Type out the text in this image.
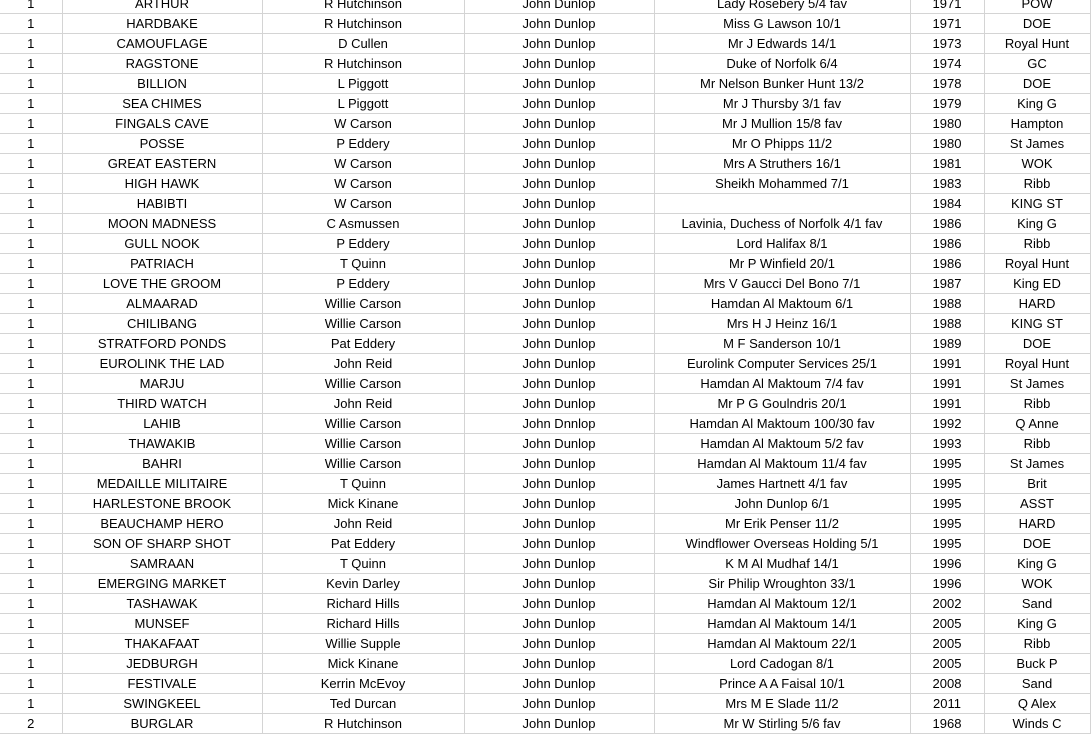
1	ARTHUR	R Hutchinson	John Dunlop	Lady Rosebery 5/4 fav	1971	POW
1	HARDBAKE	R Hutchinson	John Dunlop	Miss G Lawson 10/1	1971	DOE
1	CAMOUFLAGE	D Cullen	John Dunlop	Mr J Edwards 14/1	1973	Royal Hunt
1	RAGSTONE	R Hutchinson	John Dunlop	Duke of Norfolk 6/4	1974	GC
1	BILLION	L Piggott	John Dunlop	Mr Nelson Bunker Hunt 13/2	1978	DOE
1	SEA CHIMES	L Piggott	John Dunlop	Mr J Thursby 3/1 fav	1979	King G
1	FINGALS CAVE	W Carson	John Dunlop	Mr J Mullion 15/8 fav	1980	Hampton
1	POSSE	P Eddery	John Dunlop	Mr O Phipps 11/2	1980	St James
1	GREAT EASTERN	W Carson	John Dunlop	Mrs A Struthers 16/1	1981	WOK
1	HIGH HAWK	W Carson	John Dunlop	Sheikh Mohammed 7/1	1983	Ribb
1	HABIBTI	W Carson	John Dunlop		1984	KING ST
1	MOON MADNESS	C Asmussen	John Dunlop	Lavinia, Duchess of Norfolk 4/1 fav	1986	King G
1	GULL NOOK	P Eddery	John Dunlop	Lord Halifax 8/1	1986	Ribb
1	PATRIACH	T Quinn	John Dunlop	Mr P Winfield 20/1	1986	Royal Hunt
1	LOVE THE GROOM	P Eddery	John Dunlop	Mrs V Gaucci Del Bono 7/1	1987	King ED
1	ALMAARAD	Willie Carson	John Dunlop	Hamdan Al Maktoum 6/1	1988	HARD
1	CHILIBANG	Willie Carson	John Dunlop	Mrs H J Heinz 16/1	1988	KING ST
1	STRATFORD PONDS	Pat Eddery	John Dunlop	M F Sanderson 10/1	1989	DOE
1	EUROLINK THE LAD	John Reid	John Dunlop	Eurolink Computer Services 25/1	1991	Royal Hunt
1	MARJU	Willie Carson	John Dunlop	Hamdan Al Maktoum 7/4 fav	1991	St James
1	THIRD WATCH	John Reid	John Dunlop	Mr P G Goulndris 20/1	1991	Ribb
1	LAHIB	Willie Carson	John Dnnlop	Hamdan Al Maktoum 100/30 fav	1992	Q Anne
1	THAWAKIB	Willie Carson	John Dunlop	Hamdan Al Maktoum 5/2 fav	1993	Ribb
1	BAHRI	Willie Carson	John Dunlop	Hamdan Al Maktoum 11/4 fav	1995	St James
1	MEDAILLE MILITAIRE	T Quinn	John Dunlop	James Hartnett 4/1 fav	1995	Brit
1	HARLESTONE BROOK	Mick Kinane	John Dunlop	John Dunlop 6/1	1995	ASST
1	BEAUCHAMP HERO	John Reid	John Dunlop	Mr Erik Penser 11/2	1995	HARD
1	SON OF SHARP SHOT	Pat Eddery	John Dunlop	Windflower Overseas Holding 5/1	1995	DOE
1	SAMRAAN	T Quinn	John Dunlop	K M Al Mudhaf 14/1	1996	King G
1	EMERGING MARKET	Kevin Darley	John Dunlop	Sir Philip Wroughton 33/1	1996	WOK
1	TASHAWAK	Richard Hills	John Dunlop	Hamdan Al Maktoum 12/1	2002	Sand
1	MUNSEF	Richard Hills	John Dunlop	Hamdan Al Maktoum 14/1	2005	King G
1	THAKAFAAT	Willie Supple	John Dunlop	Hamdan Al Maktoum 22/1	2005	Ribb
1	JEDBURGH	Mick Kinane	John Dunlop	Lord Cadogan 8/1	2005	Buck P
1	FESTIVALE	Kerrin McEvoy	John Dunlop	Prince A A Faisal 10/1	2008	Sand
1	SWINGKEEL	Ted Durcan	John Dunlop	Mrs M E Slade 11/2	2011	Q Alex
2	BURGLAR	R Hutchinson	John Dunlop	Mr W Stirling 5/6 fav	1968	Winds C
